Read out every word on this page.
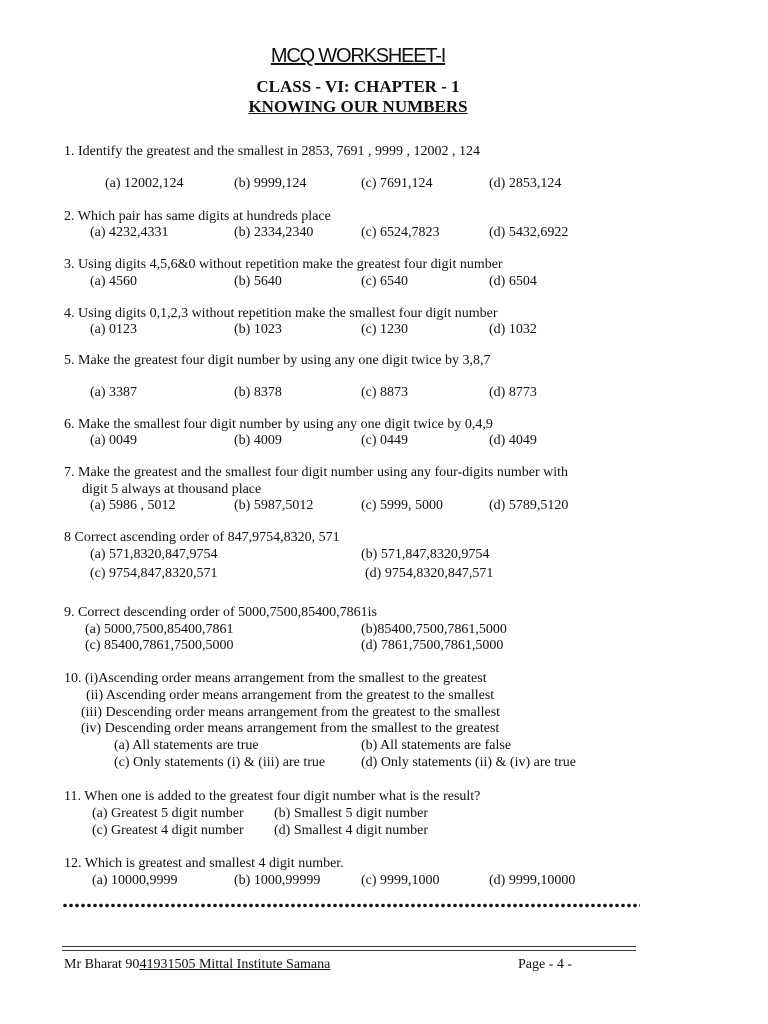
MCQ WORKSHEET-I
CLASS - VI: CHAPTER - 1
KNOWING OUR NUMBERS
1. Identify the greatest and the smallest in 2853, 7691 , 9999 , 12002 , 124
(a) 12002,124	(b) 9999,124	(c) 7691,124	(d) 2853,124
2. Which pair has same digits at hundreds place
(a) 4232,4331	(b) 2334,2340	(c) 6524,7823	(d) 5432,6922
3. Using digits 4,5,6&0 without repetition make the greatest four digit number
(a) 4560	(b) 5640	(c) 6540	(d) 6504
4. Using digits 0,1,2,3 without repetition make the smallest four digit number
(a) 0123	(b) 1023	(c) 1230	(d) 1032
5. Make the greatest four digit number by using any one digit twice by 3,8,7
(a) 3387	(b) 8378	(c) 8873	(d) 8773
6. Make the smallest four digit number by using any one digit twice by 0,4,9
(a) 0049	(b) 4009	(c) 0449	(d) 4049
7. Make the greatest and the smallest four digit number using any four-digits number with
digit 5 always at thousand place
(a) 5986 , 5012	(b) 5987,5012	(c) 5999, 5000	(d) 5789,5120
8 Correct ascending order of 847,9754,8320, 571
(a) 571,8320,847,9754	(b) 571,847,8320,9754
(c) 9754,847,8320,571	(d) 9754,8320,847,571
9. Correct descending order of 5000,7500,85400,7861is
(a) 5000,7500,85400,7861	(b)85400,7500,7861,5000
(c) 85400,7861,7500,5000	(d) 7861,7500,7861,5000
10. (i)Ascending order means arrangement from the smallest to the greatest
(ii) Ascending order means arrangement from the greatest to the smallest
(iii) Descending order means arrangement from the greatest to the smallest
(iv) Descending order means arrangement from the smallest to the greatest
(a) All statements are true	(b) All statements are false
(c) Only statements (i) & (iii) are true	(d) Only statements (ii) & (iv) are true
11. When one is added to the greatest four digit number what is the result?
(a) Greatest 5 digit number (b) Smallest 5 digit number
(c) Greatest 4 digit number (d) Smallest 4 digit number
12. Which is greatest and smallest 4 digit number.
(a) 10000,9999	(b) 1000,99999	(c) 9999,1000	(d) 9999,10000
Mr Bharat 9041931505 Mittal Institute Samana	Page - 4 -
